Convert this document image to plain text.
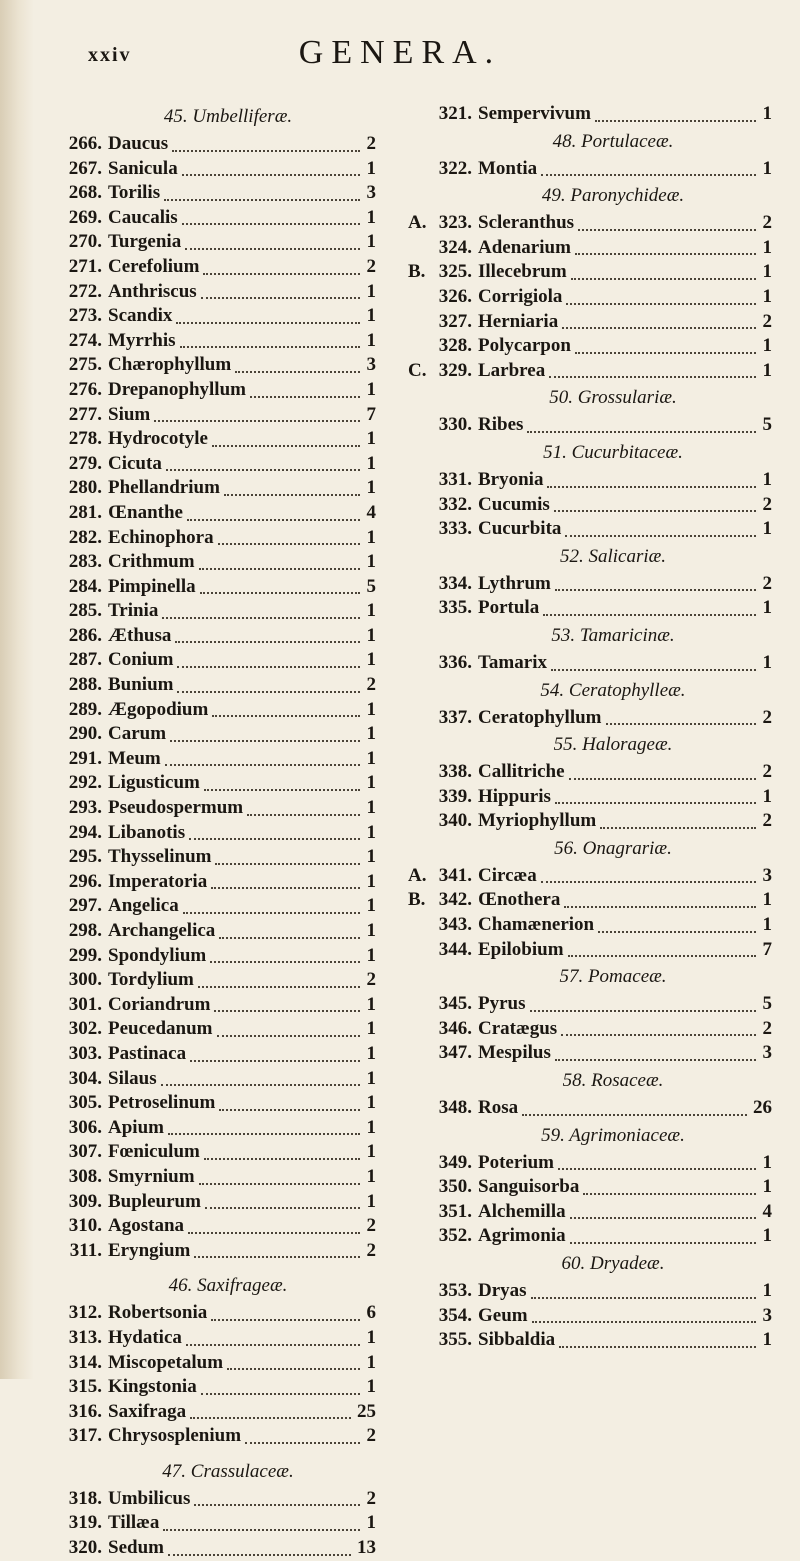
xxiv	GENERA.
45. Umbelliferæ.
266. Daucus	2
267. Sanicula	1
268. Torilis	3
269. Caucalis	1
270. Turgenia	1
271. Cerefolium	2
272. Anthriscus	1
273. Scandix	1
274. Myrrhis	1
275. Chærophyllum	3
276. Drepanophyllum	1
277. Sium	7
278. Hydrocotyle	1
279. Cicuta	1
280. Phellandrium	1
281. Œnanthe	4
282. Echinophora	1
283. Crithmum	1
284. Pimpinella	5
285. Trinia	1
286. Æthusa	1
287. Conium	1
288. Bunium	2
289. Ægopodium	1
290. Carum	1
291. Meum	1
292. Ligusticum	1
293. Pseudospermum	1
294. Libanotis	1
295. Thysselinum	1
296. Imperatoria	1
297. Angelica	1
298. Archangelica	1
299. Spondylium	1
300. Tordylium	2
301. Coriandrum	1
302. Peucedanum	1
303. Pastinaca	1
304. Silaus	1
305. Petroselinum	1
306. Apium	1
307. Fœniculum	1
308. Smyrnium	1
309. Bupleurum	1
310. Agostana	2
311. Eryngium	2
46. Saxifrageæ.
312. Robertsonia	6
313. Hydatica	1
314. Miscopetalum	1
315. Kingstonia	1
316. Saxifraga	25
317. Chrysosplenium	2
47. Crassulaceæ.
318. Umbilicus	2
319. Tillæa	1
320. Sedum	13
321. Sempervivum	1
48. Portulaceæ.
322. Montia	1
49. Paronychideæ.
A. 323. Scleranthus	2
324. Adenarium	1
B. 325. Illecebrum	1
326. Corrigiola	1
327. Herniaria	2
328. Polycarpon	1
C. 329. Larbrea	1
50. Grossulariæ.
330. Ribes	5
51. Cucurbitaceæ.
331. Bryonia	1
332. Cucumis	2
333. Cucurbita	1
52. Salicariæ.
334. Lythrum	2
335. Portula	1
53. Tamaricinæ.
336. Tamarix	1
54. Ceratophylleæ.
337. Ceratophyllum	2
55. Halorageæ.
338. Callitriche	2
339. Hippuris	1
340. Myriophyllum	2
56. Onagrariæ.
A. 341. Circæa	3
B. 342. Œnothera	1
343. Chamænerion	1
344. Epilobium	7
57. Pomaceæ.
345. Pyrus	5
346. Cratægus	2
347. Mespilus	3
58. Rosaceæ.
348. Rosa	26
59. Agrimoniaceæ.
349. Poterium	1
350. Sanguisorba	1
351. Alchemilla	4
352. Agrimonia	1
60. Dryadeæ.
353. Dryas	1
354. Geum	3
355. Sibbaldia	1
